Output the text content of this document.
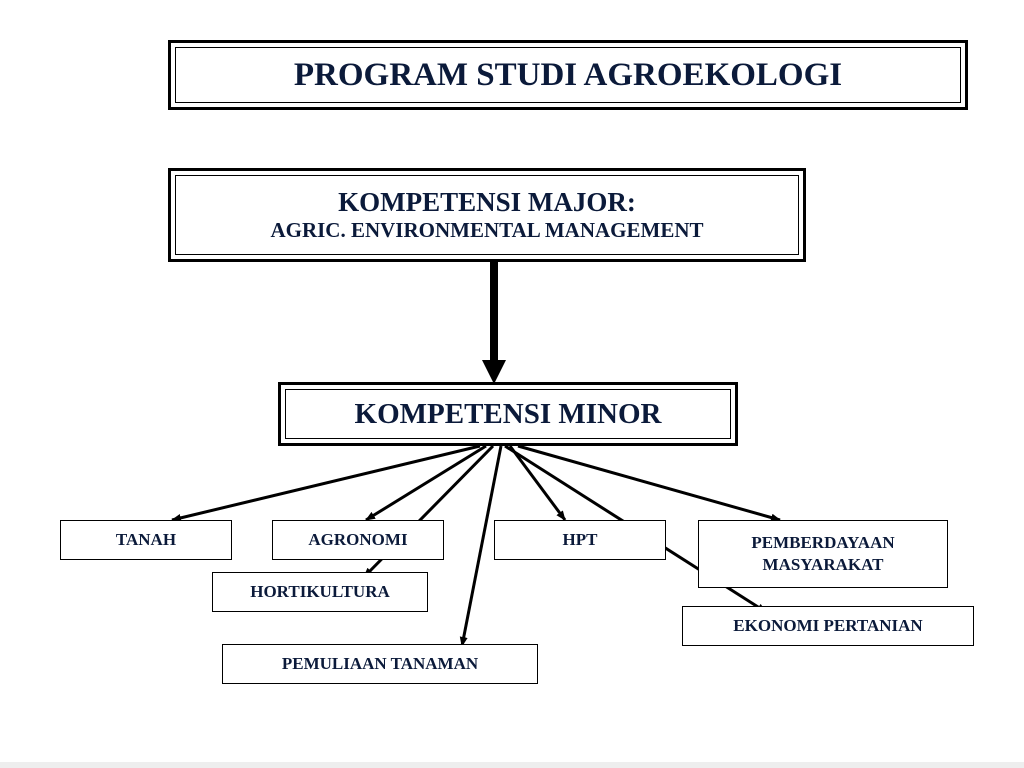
PROGRAM STUDI AGROEKOLOGI
KOMPETENSI MAJOR:
AGRIC. ENVIRONMENTAL MANAGEMENT
KOMPETENSI MINOR
TANAH	AGRONOMI	HPT	PEMBERDAYAAN
MASYARAKAT
HORTIKULTURA
EKONOMI PERTANIAN
PEMULIAAN TANAMAN
